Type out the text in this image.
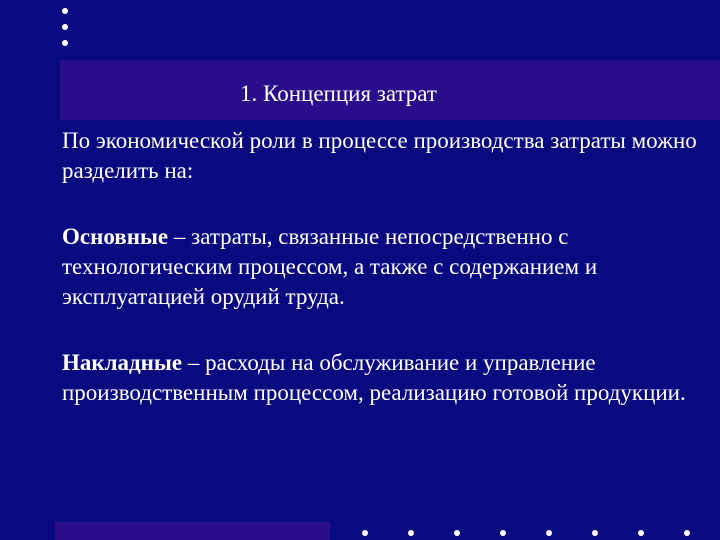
1. Концепция затрат

По экономической роли в процессе производства затраты можно разделить на:

Основные – затраты, связанные непосредственно с технологическим процессом, а также с содержанием и эксплуатацией орудий труда.

Накладные – расходы на обслуживание и управление производственным процессом, реализацию готовой продукции.
